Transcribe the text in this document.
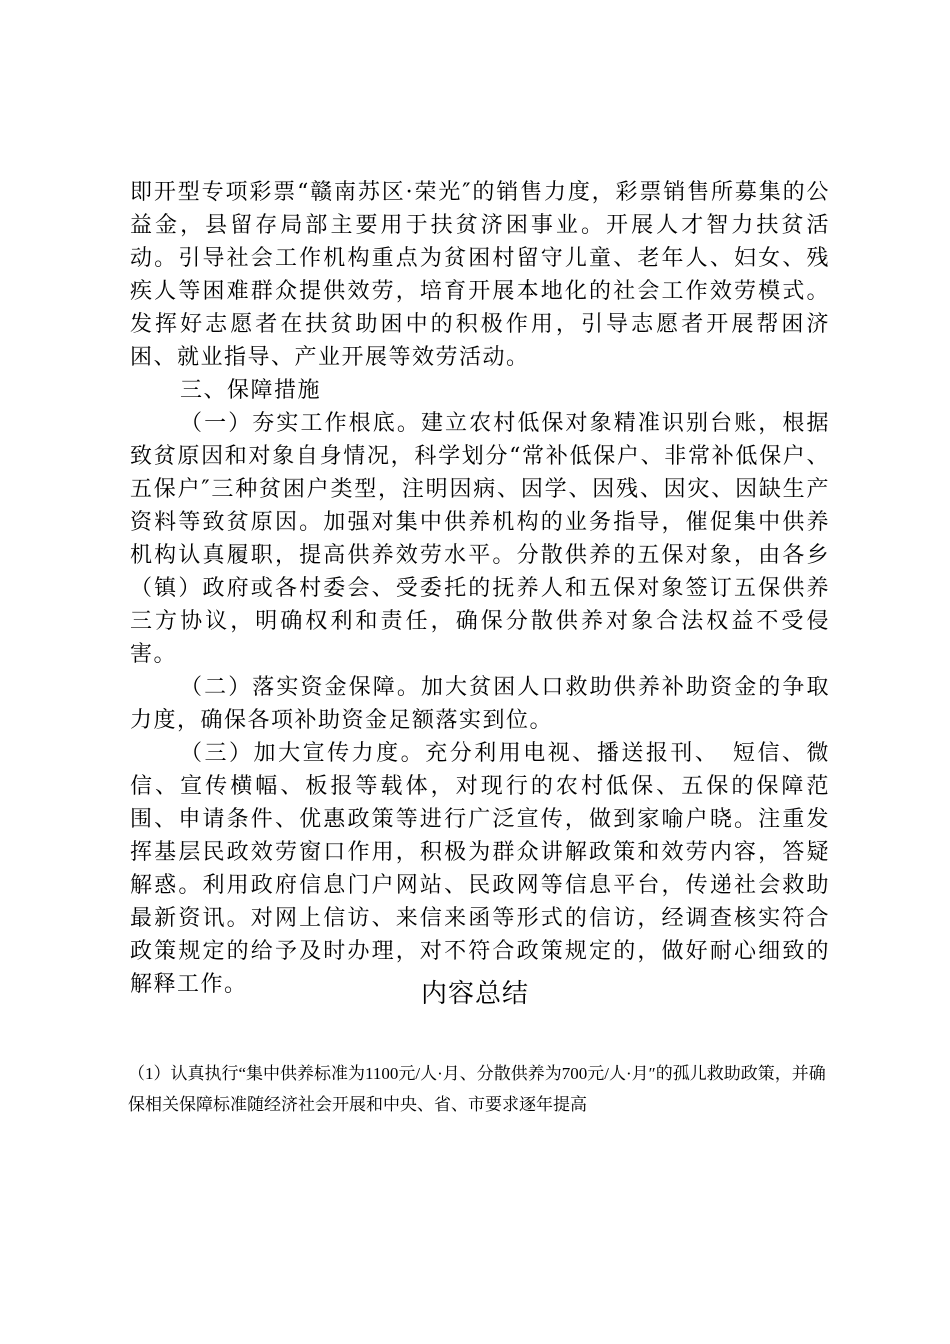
即开型专项彩票“赣南苏区·荣光″的销售力度，彩票销售所募集的公益金，县留存局部主要用于扶贫济困事业。开展人才智力扶贫活动。引导社会工作机构重点为贫困村留守儿童、老年人、妇女、残疾人等困难群众提供效劳，培育开展本地化的社会工作效劳模式。发挥好志愿者在扶贫助困中的积极作用，引导志愿者开展帮困济困、就业指导、产业开展等效劳活动。

三、保障措施

（一）夯实工作根底。建立农村低保对象精准识别台账，根据致贫原因和对象自身情况，科学划分“常补低保户、非常补低保户、五保户″三种贫困户类型，注明因病、因学、因残、因灾、因缺生产资料等致贫原因。加强对集中供养机构的业务指导，催促集中供养机构认真履职，提高供养效劳水平。分散供养的五保对象，由各乡（镇）政府或各村委会、受委托的抚养人和五保对象签订五保供养三方协议，明确权利和责任，确保分散供养对象合法权益不受侵害。

（二）落实资金保障。加大贫困人口救助供养补助资金的争取力度，确保各项补助资金足额落实到位。

（三）加大宣传力度。充分利用电视、播送报刊、　短信、微信、宣传横幅、板报等载体，对现行的农村低保、五保的保障范围、申请条件、优惠政策等进行广泛宣传，做到家喻户晓。注重发挥基层民政效劳窗口作用，积极为群众讲解政策和效劳内容，答疑解惑。利用政府信息门户网站、民政网等信息平台，传递社会救助最新资讯。对网上信访、来信来函等形式的信访，经调查核实符合政策规定的给予及时办理，对不符合政策规定的，做好耐心细致的解释工作。	内容总结

（1）认真执行“集中供养标准为1100元/人·月、分散供养为700元/人·月″的孤儿救助政策，并确保相关保障标准随经济社会开展和中央、省、市要求逐年提高
